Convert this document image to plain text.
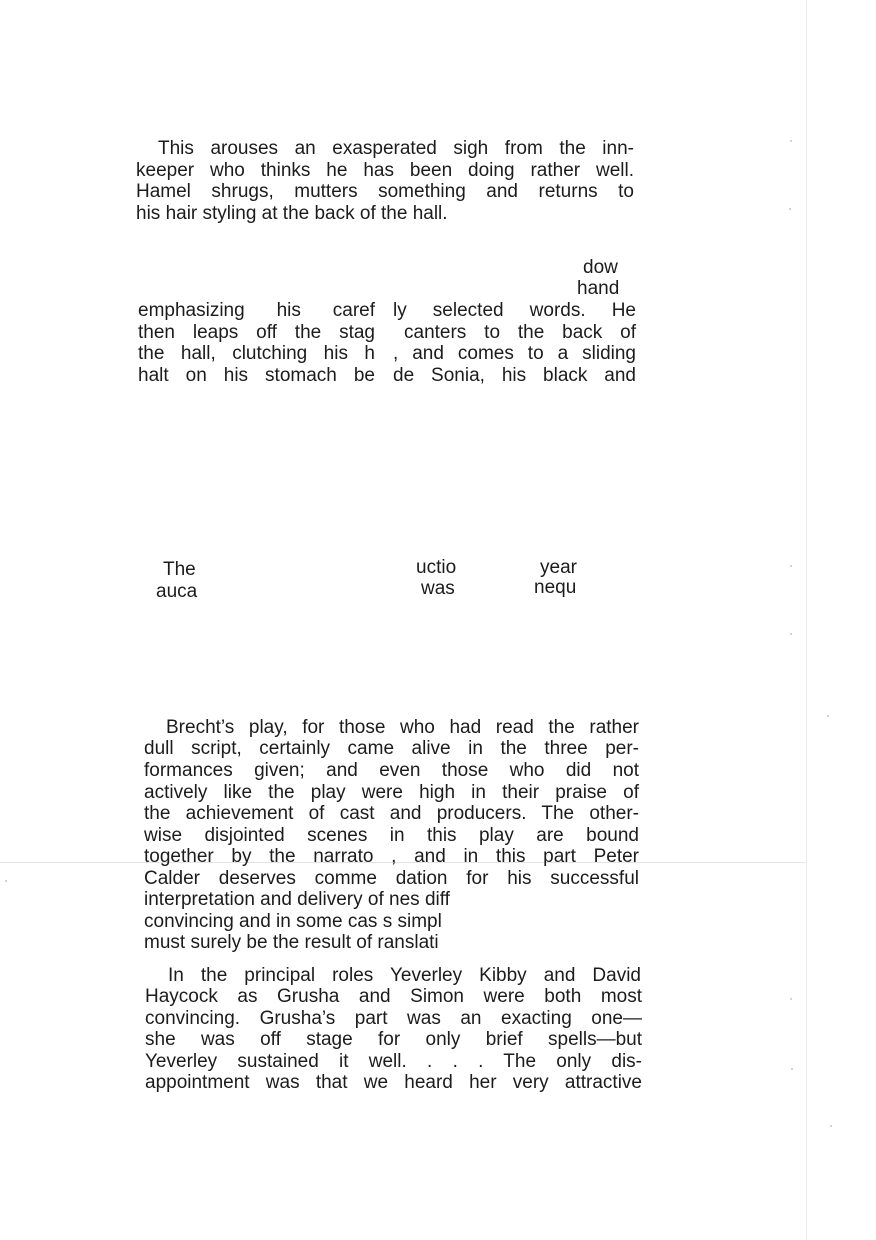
This arouses an exasperated sigh from the inn-
keeper who thinks he has been doing rather well.
Hamel shrugs, mutters something and returns to
his hair styling at the back of the hall.
dow
hand
emphasizing his caref
then leaps off the stag
the hall, clutching his h
halt on his stomach be
ly selected words. He
canters to the back of
, and comes to a sliding
de Sonia, his black and
The
auca
uctio
was
year
nequ
Brecht’s play, for those who had read the rather
dull script, certainly came alive in the three per-
formances given; and even those who did not
actively like the play were high in their praise of
the achievement of cast and producers. The other-
wise disjointed scenes in this play are bound
together by the narrato , and in this part Peter
Calder deserves comme dation for his successful
interpretation and delivery of nes diff
convincing and in some cas s simpl
must surely be the result of ranslati
In the principal roles Yeverley Kibby and David
Haycock as Grusha and Simon were both most
convincing. Grusha’s part was an exacting one—
she was off stage for only brief spells—but
Yeverley sustained it well. . . . The only dis-
appointment was that we heard her very attractive
